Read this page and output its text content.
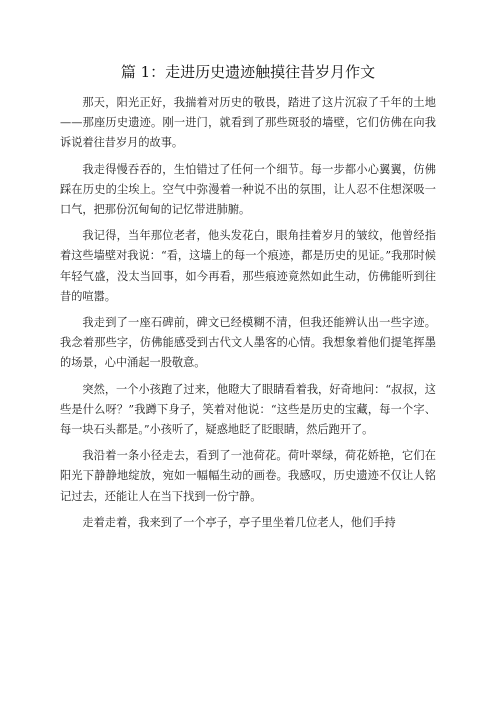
篇 1：走进历史遗迹触摸往昔岁月作文

那天，阳光正好，我揣着对历史的敬畏，踏进了这片沉寂了千年的土地——那座历史遗迹。刚一进门，就看到了那些斑驳的墙壁，它们仿佛在向我诉说着往昔岁月的故事。

我走得慢吞吞的，生怕错过了任何一个细节。每一步都小心翼翼，仿佛踩在历史的尘埃上。空气中弥漫着一种说不出的氛围，让人忍不住想深吸一口气，把那份沉甸甸的记忆带进肺腑。

我记得，当年那位老者，他头发花白，眼角挂着岁月的皱纹，他曾经指着这些墙壁对我说：“看，这墙上的每一个痕迹，都是历史的见证。”我那时候年轻气盛，没太当回事，如今再看，那些痕迹竟然如此生动，仿佛能听到往昔的喧嚣。

我走到了一座石碑前，碑文已经模糊不清，但我还能辨认出一些字迹。我念着那些字，仿佛能感受到古代文人墨客的心情。我想象着他们提笔挥墨的场景，心中涌起一股敬意。

突然，一个小孩跑了过来，他瞪大了眼睛看着我，好奇地问：“叔叔，这些是什么呀？”我蹲下身子，笑着对他说：“这些是历史的宝藏，每一个字、每一块石头都是。”小孩听了，疑惑地眨了眨眼睛，然后跑开了。

我沿着一条小径走去，看到了一池荷花。荷叶翠绿，荷花娇艳，它们在阳光下静静地绽放，宛如一幅幅生动的画卷。我感叹，历史遗迹不仅让人铭记过去，还能让人在当下找到一份宁静。

走着走着，我来到了一个亭子，亭子里坐着几位老人，他们手持
